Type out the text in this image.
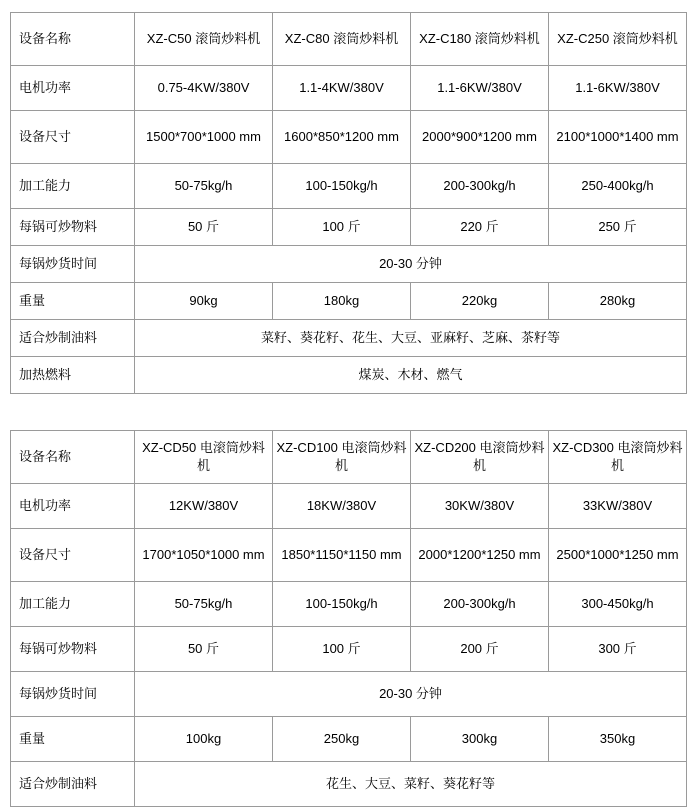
设备名称	XZ-C50 滚筒炒料机	XZ-C80 滚筒炒料机	XZ-C180 滚筒炒料机	XZ-C250 滚筒炒料机
电机功率	0.75-4KW/380V	1.1-4KW/380V	1.1-6KW/380V	1.1-6KW/380V
设备尺寸	1500*700*1000 mm	1600*850*1200 mm	2000*900*1200 mm	2100*1000*1400 mm
加工能力	50-75kg/h	100-150kg/h	200-300kg/h	250-400kg/h
每锅可炒物料	50 斤	100 斤	220 斤	250 斤
每锅炒货时间	20-30 分钟			
重量	90kg	180kg	220kg	280kg
适合炒制油料	菜籽、葵花籽、花生、大豆、亚麻籽、芝麻、茶籽等			
加热燃料	煤炭、木材、燃气			
设备名称	XZ-CD50 电滚筒炒料机	XZ-CD100 电滚筒炒料机	XZ-CD200 电滚筒炒料机	XZ-CD300 电滚筒炒料机
电机功率	12KW/380V	18KW/380V	30KW/380V	33KW/380V
设备尺寸	1700*1050*1000 mm	1850*1150*1150 mm	2000*1200*1250 mm	2500*1000*1250 mm
加工能力	50-75kg/h	100-150kg/h	200-300kg/h	300-450kg/h
每锅可炒物料	50 斤	100 斤	200 斤	300 斤
每锅炒货时间	20-30 分钟			
重量	100kg	250kg	300kg	350kg
适合炒制油料	花生、大豆、菜籽、葵花籽等			
